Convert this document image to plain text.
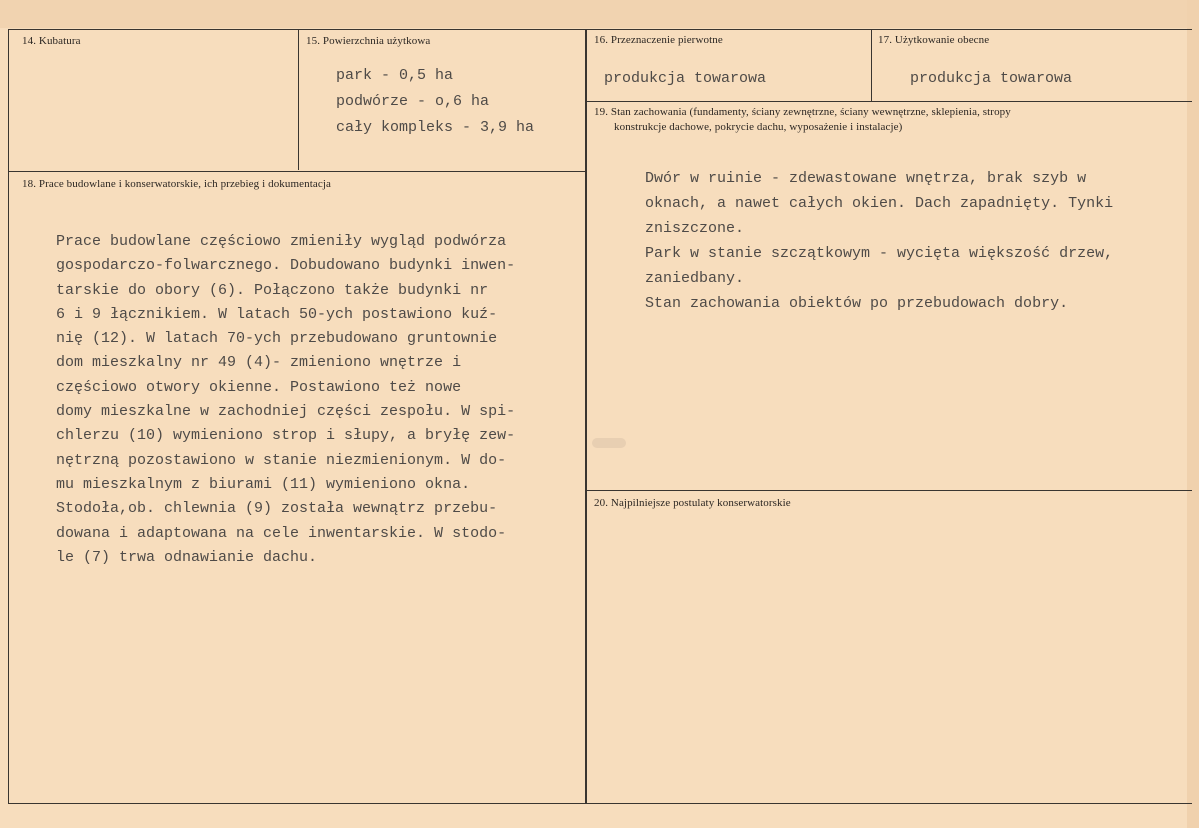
14. Kubatura	15. Powierzchnia użytkowa
park - 0,5 ha
podwórze - o,6 ha
cały kompleks - 3,9 ha
16. Przeznaczenie pierwotne
produkcja towarowa
17. Użytkowanie obecne
produkcja towarowa
19. Stan zachowania (fundamenty, ściany zewnętrzne, ściany wewnętrzne, sklepienia, stropy
konstrukcje dachowe, pokrycie dachu, wyposażenie i instalacje)
Dwór w ruinie - zdewastowane wnętrza, brak szyb w
oknach, a nawet całych okien. Dach zapadnięty. Tynki
zniszczone.
Park w stanie szczątkowym - wycięta większość drzew,
zaniedbany.
Stan zachowania obiektów po przebudowach dobry.
18. Prace budowlane i konserwatorskie, ich przebieg i dokumentacja
Prace budowlane częściowo zmieniły wygląd podwórza
gospodarczo-folwarcznego. Dobudowano budynki inwen-
tarskie do obory (6). Połączono także budynki nr
6 i 9 łącznikiem. W latach 50-ych postawiono kuź-
nię (12). W latach 70-ych przebudowano gruntownie
dom mieszkalny nr 49 (4)- zmieniono wnętrze i
częściowo otwory okienne. Postawiono też nowe
domy mieszkalne w zachodniej części zespołu. W spi-
chlerzu (10) wymieniono strop i słupy, a bryłę zew-
nętrzną pozostawiono w stanie niezmienionym. W do-
mu mieszkalnym z biurami (11) wymieniono okna.
Stodoła,ob. chlewnia (9) została wewnątrz przebu-
dowana i adaptowana na cele inwentarskie. W stodo-
le (7) trwa odnawianie dachu.
20. Najpilniejsze postulaty konserwatorskie
